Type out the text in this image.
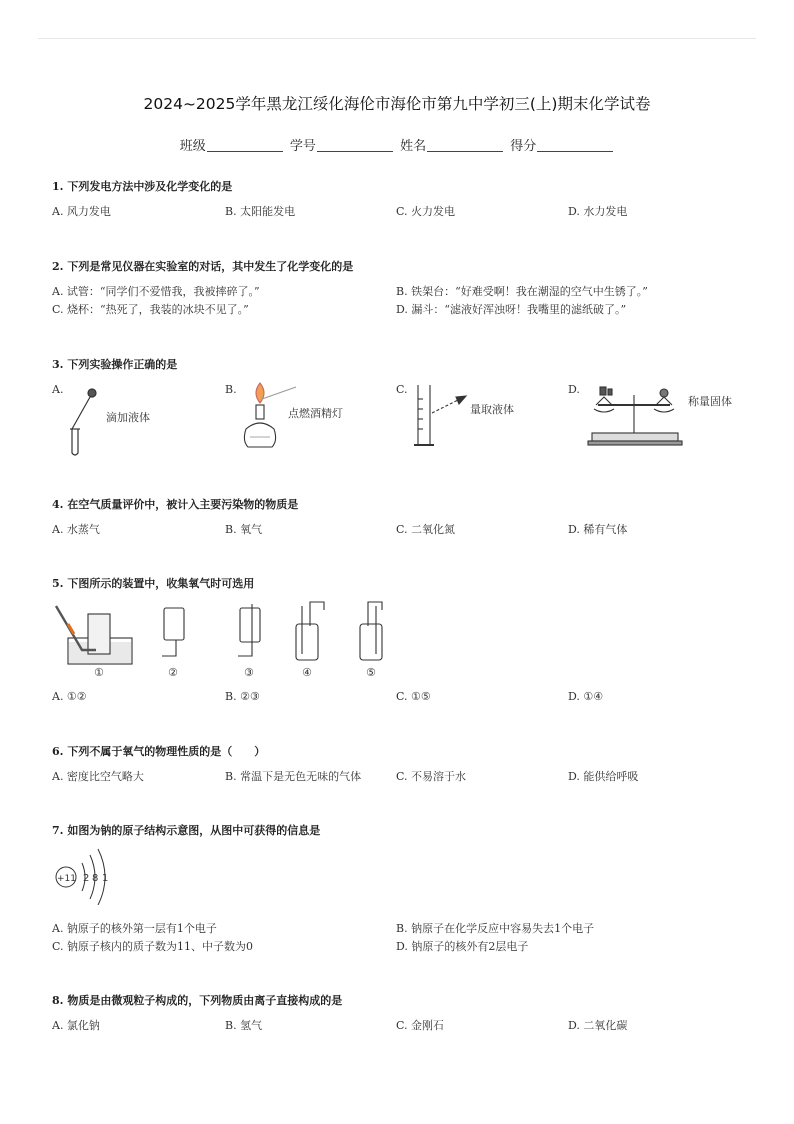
2024~2025学年黑龙江绥化海伦市海伦市第九中学初三(上)期末化学试卷
班级	学号	姓名	得分
1. 下列发电方法中涉及化学变化的是
A. 风力发电	B. 太阳能发电	C. 火力发电	D. 水力发电
2. 下列是常见仪器在实验室的对话，其中发生了化学变化的是
A. 试管：“同学们不爱惜我，我被摔碎了。”	B. 铁架台：“好难受啊！我在潮湿的空气中生锈了。”
C. 烧杯：“热死了，我装的冰块不见了。”	D. 漏斗：“滤液好浑浊呀！我嘴里的滤纸破了。”
3. 下列实验操作正确的是
A.	B.	C.	D.
滴加液体	点燃酒精灯	量取液体
称量固体
4. 在空气质量评价中，被计入主要污染物的物质是
A. 水蒸气	B. 氧气	C. 二氧化氮	D. 稀有气体
5. 下图所示的装置中，收集氧气时可选用
①	②	③	④	⑤
A. ①②	B. ②③	C. ①⑤	D. ①④
6. 下列不属于氧气的物理性质的是（　　）
A. 密度比空气略大	B. 常温下是无色无味的气体	C. 不易溶于水	D. 能供给呼吸
7. 如图为钠的原子结构示意图，从图中可获得的信息是
+11 2 8 1
A. 钠原子的核外第一层有1个电子	B. 钠原子在化学反应中容易失去1个电子
C. 钠原子核内的质子数为11、中子数为0	D. 钠原子的核外有2层电子
8. 物质是由微观粒子构成的，下列物质由离子直接构成的是
A. 氯化钠	B. 氢气	C. 金刚石	D. 二氧化碳
